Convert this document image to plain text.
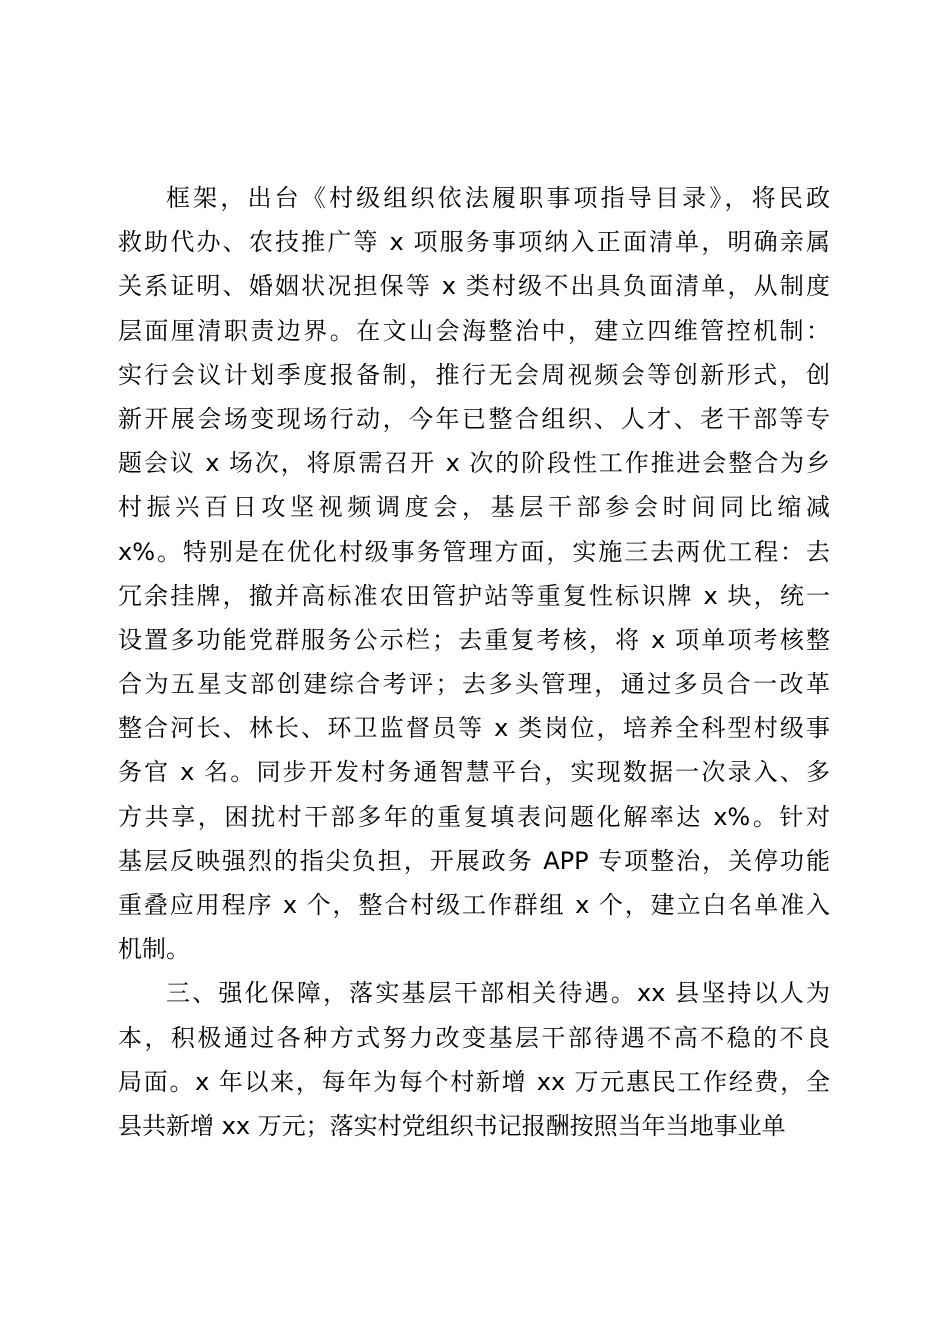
框架，出台《村级组织依法履职事项指导目录》，将民政
救助代办、农技推广等 x 项服务事项纳入正面清单，明确亲属
关系证明、婚姻状况担保等 x 类村级不出具负面清单，从制度
层面厘清职责边界。在文山会海整治中，建立四维管控机制：
实行会议计划季度报备制，推行无会周视频会等创新形式，创
新开展会场变现场行动，今年已整合组织、人才、老干部等专
题会议 x 场次，将原需召开 x 次的阶段性工作推进会整合为乡
村振兴百日攻坚视频调度会，基层干部参会时间同比缩减
x%。特别是在优化村级事务管理方面，实施三去两优工程：去
冗余挂牌，撤并高标准农田管护站等重复性标识牌 x 块，统一
设置多功能党群服务公示栏；去重复考核，将 x 项单项考核整
合为五星支部创建综合考评；去多头管理，通过多员合一改革
整合河长、林长、环卫监督员等 x 类岗位，培养全科型村级事
务官 x 名。同步开发村务通智慧平台，实现数据一次录入、多
方共享，困扰村干部多年的重复填表问题化解率达 x%。针对
基层反映强烈的指尖负担，开展政务 APP 专项整治，关停功能
重叠应用程序 x 个，整合村级工作群组 x 个，建立白名单准入
机制。
三、强化保障，落实基层干部相关待遇。xx 县坚持以人为
本，积极通过各种方式努力改变基层干部待遇不高不稳的不良
局面。x 年以来，每年为每个村新增 xx 万元惠民工作经费，全
县共新增 xx 万元；落实村党组织书记报酬按照当年当地事业单
